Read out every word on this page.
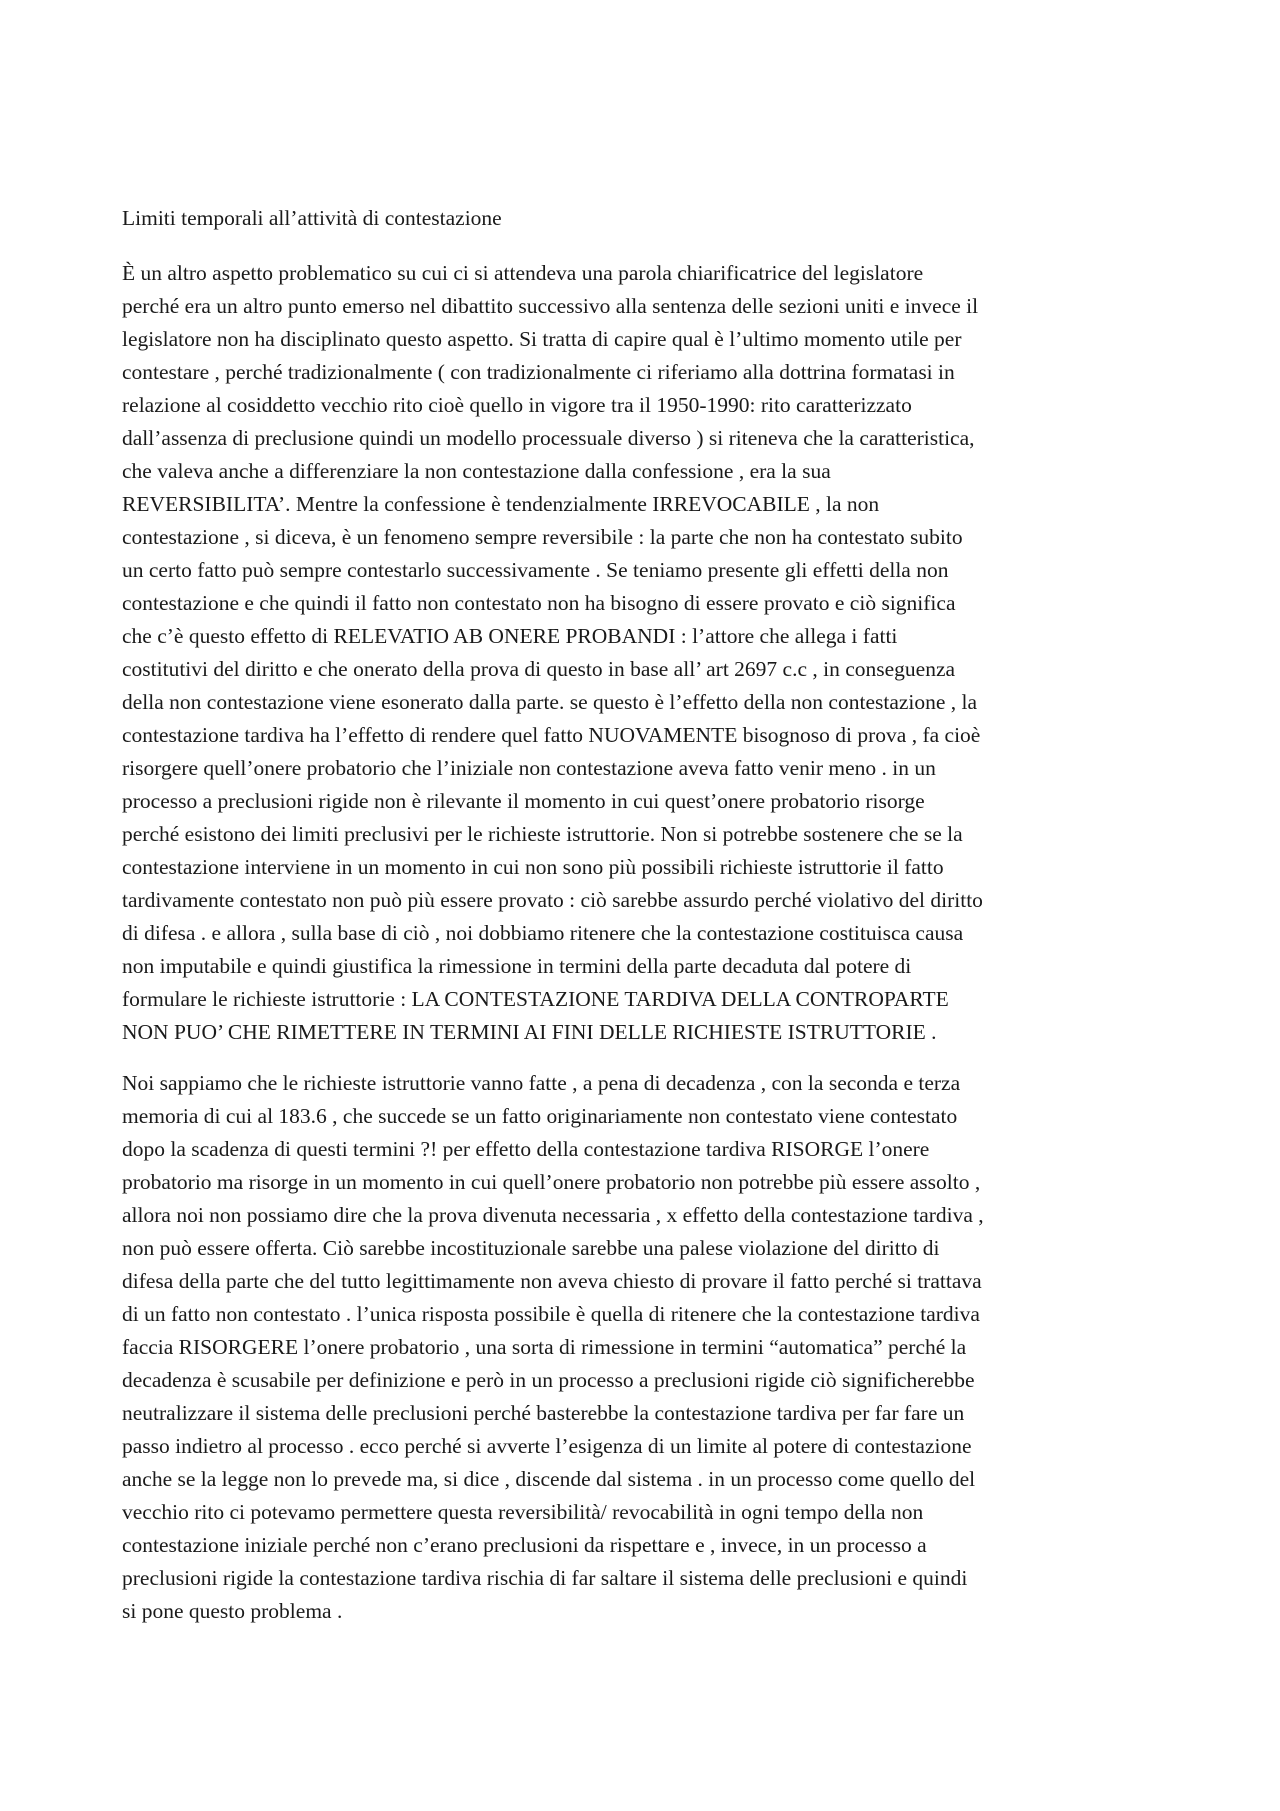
Limiti temporali all’attività di contestazione
È un altro aspetto problematico su cui ci si attendeva una parola chiarificatrice del legislatore
perché era un altro punto emerso nel dibattito successivo alla sentenza delle sezioni uniti e invece il
legislatore non ha disciplinato questo aspetto. Si tratta di capire qual è l’ultimo momento utile per
contestare , perché tradizionalmente ( con tradizionalmente ci riferiamo alla dottrina formatasi in
relazione al cosiddetto vecchio rito cioè quello in vigore tra il 1950-1990: rito caratterizzato
dall’assenza di preclusione quindi un modello processuale diverso ) si riteneva che la caratteristica,
che valeva anche a differenziare la non contestazione dalla confessione , era la sua
REVERSIBILITA’. Mentre la confessione è tendenzialmente IRREVOCABILE , la non
contestazione , si diceva, è un fenomeno sempre reversibile : la parte che non ha contestato subito
un certo fatto può sempre contestarlo successivamente . Se teniamo presente gli effetti della non
contestazione e che quindi il fatto non contestato non ha bisogno di essere provato e ciò significa
che c’è questo effetto di RELEVATIO AB ONERE PROBANDI : l’attore che allega i fatti
costitutivi del diritto e che onerato della prova di questo in base all’ art 2697 c.c , in conseguenza
della non contestazione viene esonerato dalla parte. se questo è l’effetto della non contestazione , la
contestazione tardiva ha l’effetto di rendere quel fatto NUOVAMENTE bisognoso di prova , fa cioè
risorgere quell’onere probatorio che l’iniziale non contestazione aveva fatto venir meno . in un
processo a preclusioni rigide non è rilevante il momento in cui quest’onere probatorio risorge
perché esistono dei limiti preclusivi per le richieste istruttorie. Non si potrebbe sostenere che se la
contestazione interviene in un momento in cui non sono più possibili richieste istruttorie il fatto
tardivamente contestato non può più essere provato : ciò sarebbe assurdo perché violativo del diritto
di difesa . e allora , sulla base di ciò , noi dobbiamo ritenere che la contestazione costituisca causa
non imputabile e quindi giustifica la rimessione in termini della parte decaduta dal potere di
formulare le richieste istruttorie : LA CONTESTAZIONE TARDIVA DELLA CONTROPARTE
NON PUO’ CHE RIMETTERE IN TERMINI AI FINI DELLE RICHIESTE ISTRUTTORIE .
Noi sappiamo che le richieste istruttorie vanno fatte , a pena di decadenza , con la seconda e terza
memoria di cui al 183.6 , che succede se un fatto originariamente non contestato viene contestato
dopo la scadenza di questi termini ?! per effetto della contestazione tardiva RISORGE l’onere
probatorio ma risorge in un momento in cui quell’onere probatorio non potrebbe più essere assolto ,
allora noi non possiamo dire che la prova divenuta necessaria , x effetto della contestazione tardiva ,
non può essere offerta. Ciò sarebbe incostituzionale sarebbe una palese violazione del diritto di
difesa della parte che del tutto legittimamente non aveva chiesto di provare il fatto perché si trattava
di un fatto non contestato . l’unica risposta possibile è quella di ritenere che la contestazione tardiva
faccia RISORGERE l’onere probatorio , una sorta di rimessione in termini “automatica” perché la
decadenza è scusabile per definizione e però in un processo a preclusioni rigide ciò significherebbe
neutralizzare il sistema delle preclusioni perché basterebbe la contestazione tardiva per far fare un
passo indietro al processo . ecco perché si avverte l’esigenza di un limite al potere di contestazione
anche se la legge non lo prevede ma, si dice , discende dal sistema . in un processo come quello del
vecchio rito ci potevamo permettere questa reversibilità/ revocabilità in ogni tempo della non
contestazione iniziale perché non c’erano preclusioni da rispettare e , invece, in un processo a
preclusioni rigide la contestazione tardiva rischia di far saltare il sistema delle preclusioni e quindi
si pone questo problema .
